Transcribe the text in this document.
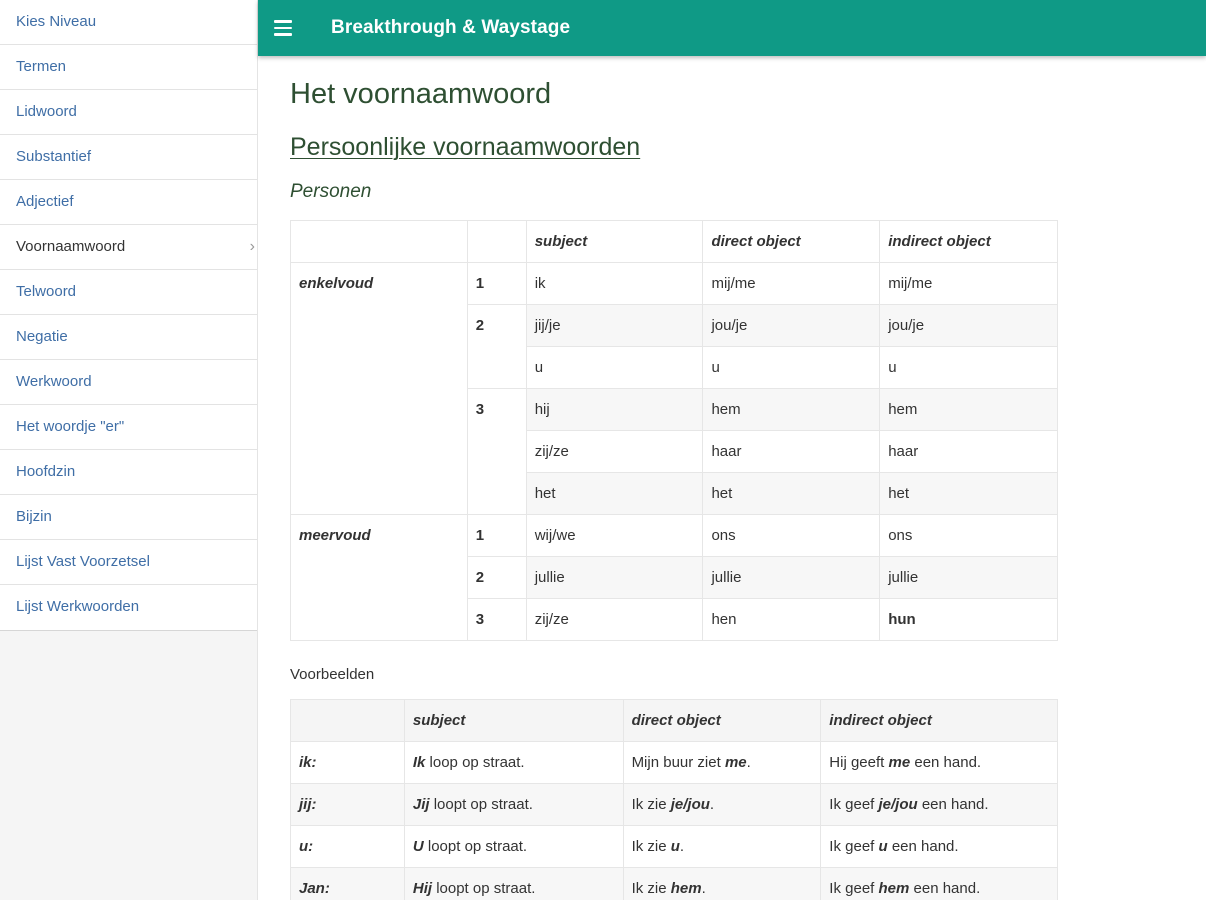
Kies Niveau
Termen
Lidwoord
Substantief
Adjectief
Voornaamwoord	›
Telwoord
Negatie
Werkwoord
Het woordje "er"
Hoofdzin
Bijzin
Lijst Vast Voorzetsel
Lijst Werkwoorden
Breakthrough & Waystage
Het voornaamwoord
Persoonlijke voornaamwoorden
Personen
		subject	direct object	indirect object
enkelvoud	1	ik	mij/me	mij/me
	2	jij/je	jou/je	jou/je
		u	u	u
	3	hij	hem	hem
		zij/ze	haar	haar
		het	het	het
meervoud	1	wij/we	ons	ons
	2	jullie	jullie	jullie
	3	zij/ze	hen	hun
Voorbeelden
	subject	direct object	indirect object
ik:	Ik loop op straat.	Mijn buur ziet me.	Hij geeft me een hand.
jij:	Jij loopt op straat.	Ik zie je/jou.	Ik geef je/jou een hand.
u:	U loopt op straat.	Ik zie u.	Ik geef u een hand.
Jan:	Hij loopt op straat.	Ik zie hem.	Ik geef hem een hand.
